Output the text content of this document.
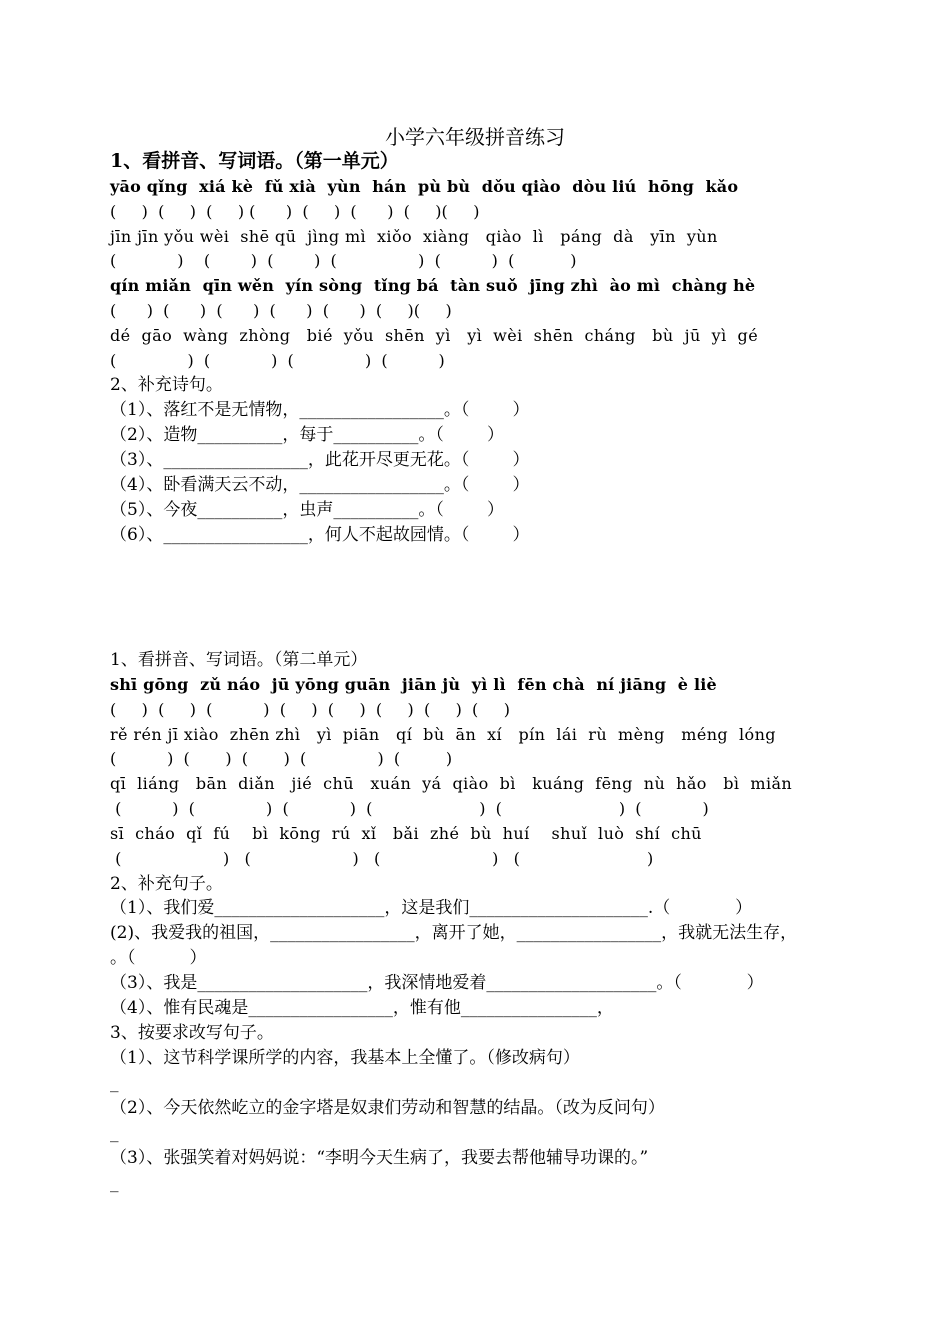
小学六年级拼音练习
1、看拼音、写词语。（第一单元）
yāo qǐng  xiá kè  fǔ xià  yùn  hán  pù bù  dǒu qiào  dòu liú  hōng  kǎo
(     )  (     )  (     ) (      )  (     )  (      )  (     )(     )
jīn jīn yǒu wèi  shē qū  jìng mì  xiǒo  xiàng   qiào  lì   páng  dà   yīn  yùn
(            )    (        )  (        )  (                )  (          )  (           )
qín miǎn  qīn wěn  yín sòng  tǐng bá  tàn suǒ  jīng zhì  ào mì  chàng hè
(      )  (      )  (      )  (      )  (      )  (     )(     )
dé  gāo  wàng  zhòng   bié  yǒu  shēn  yì   yì  wèi  shēn  cháng   bù  jū  yì  gé
(              )  (            )  (              )  (          )
2、补充诗句。
（1）、落红不是无情物，_________________。（        ）
（2）、造物__________，每于__________。（        ）
（3）、_________________，此花开尽更无花。（        ）
（4）、卧看满天云不动，_________________。（        ）
（5）、今夜__________，虫声__________。（        ）
（6）、_________________，何人不起故园情。（        ）
1、看拼音、写词语。（第二单元）
shī gōng  zǔ náo  jū yōng guān  jiān jù  yì lì  fēn chà  ní jiāng  è liè
(     )  (     )  (          )  (     )  (     )  (     )  (     )  (     )
rě rén jī xiào  zhēn zhì   yì  piān   qí  bù  ān  xí   pín  lái  rù  mèng   méng  lóng
(          )  (       )  (       )  (              )  (         )
qī  liáng   bān  diǎn   jié  chū   xuán  yá  qiào  bì   kuáng  fēng  nù  hǎo   bì  miǎn
(          )  (              )  (            )  (                     )  (                       )  (            )
sī  cháo  qǐ  fú    bì  kōng  rú  xǐ   bǎi  zhé  bù  huí    shuǐ  luò  shí  chū
(                    )   (                    )   (                      )   (                         )
2、补充句子。
（1）、我们爱____________________，这是我们_____________________.（            ）
(2)、我爱我的祖国，_________________，离开了她，_________________，我就无法生存，
。（          ）
（3）、我是____________________，我深情地爱着____________________。（            ）
（4）、惟有民魂是_________________，惟有他________________，
3、按要求改写句子。
（1）、这节科学课所学的内容，我基本上全懂了。（修改病句）
_
（2）、今天依然屹立的金字塔是奴隶们劳动和智慧的结晶。（改为反问句）
_
（3）、张强笑着对妈妈说：“李明今天生病了，我要去帮他辅导功课的。”
_
